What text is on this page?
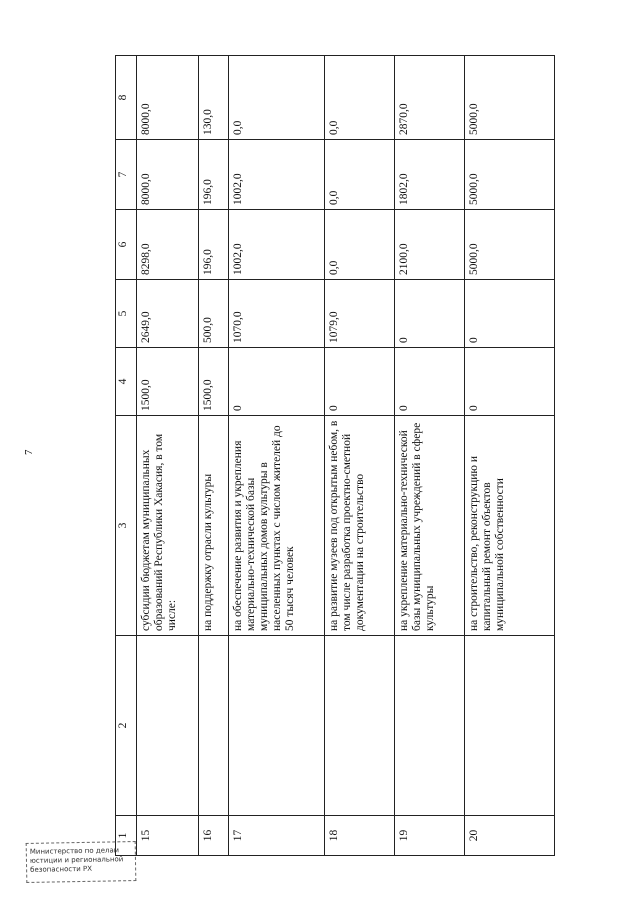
7
1	2	3	4	5	6	7	8
15		субсидии бюджетам муниципальных образований Республики Хакасия, в том числе:	1500,0	2649,0	8298,0	8000,0	8000,0
16		на поддержку отрасли культуры	1500,0	500,0	196,0	196,0	130,0
17		на обеспечение развития и укрепления материально-технической базы муниципальных домов культуры в населенных пунктах с числом жителей до 50 тысяч человек	0	1070,0	1002,0	1002,0	0,0
18		на развитие музеев под открытым небом, в том числе разработка проектно-сметной документации на строительство	0	1079,0	0,0	0,0	0,0
19		на укрепление материально-технической базы муниципальных учреждений в сфере культуры	0	0	2100,0	1802,0	2870,0
20		на строительство, реконструкцию и капитальный ремонт объектов муниципальной собственности	0	0	5000,0	5000,0	5000,0
Министерство по делам
юстиции и региональной
безопасности РХ
